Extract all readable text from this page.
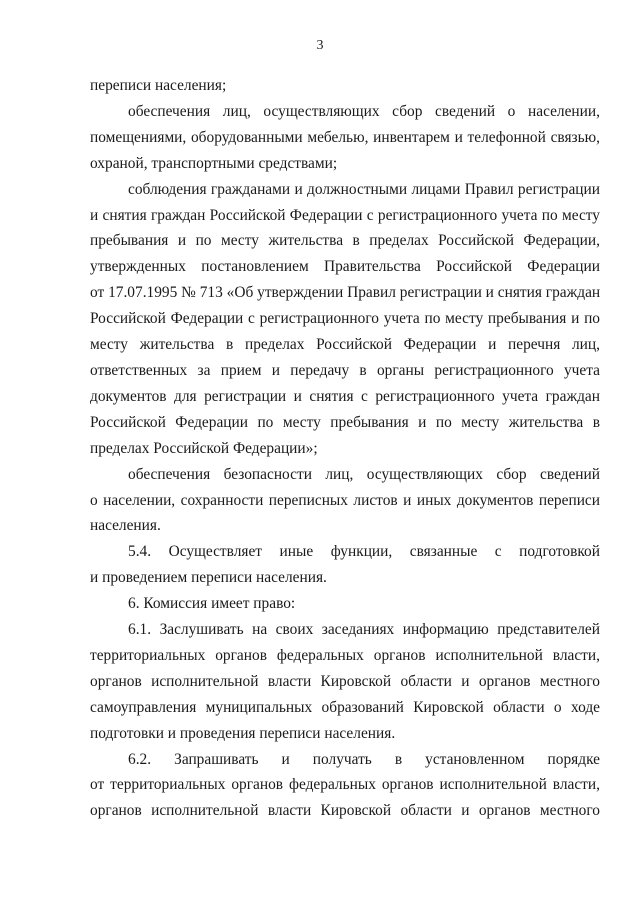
3
переписи населения;
обеспечения лиц, осуществляющих сбор сведений о населении,
помещениями, оборудованными мебелью, инвентарем и телефонной связью,
охраной, транспортными средствами;
соблюдения гражданами и должностными лицами Правил регистрации
и снятия граждан Российской Федерации с регистрационного учета по месту
пребывания и по месту жительства в пределах Российской Федерации,
утвержденных постановлением Правительства Российской Федерации
от 17.07.1995 № 713 «Об утверждении Правил регистрации и снятия граждан
Российской Федерации с регистрационного учета по месту пребывания и по
месту жительства в пределах Российской Федерации и перечня лиц,
ответственных за прием и передачу в органы регистрационного учета
документов для регистрации и снятия с регистрационного учета граждан
Российской Федерации по месту пребывания и по месту жительства в
пределах Российской Федерации»;
обеспечения безопасности лиц, осуществляющих сбор сведений
о населении, сохранности переписных листов и иных документов переписи
населения.
5.4. Осуществляет иные функции, связанные с подготовкой
и проведением переписи населения.
6. Комиссия имеет право:
6.1. Заслушивать на своих заседаниях информацию представителей
территориальных органов федеральных органов исполнительной власти,
органов исполнительной власти Кировской области и органов местного
самоуправления муниципальных образований Кировской области о ходе
подготовки и проведения переписи населения.
6.2. Запрашивать и получать в установленном порядке
от территориальных органов федеральных органов исполнительной власти,
органов исполнительной власти Кировской области и органов местного
